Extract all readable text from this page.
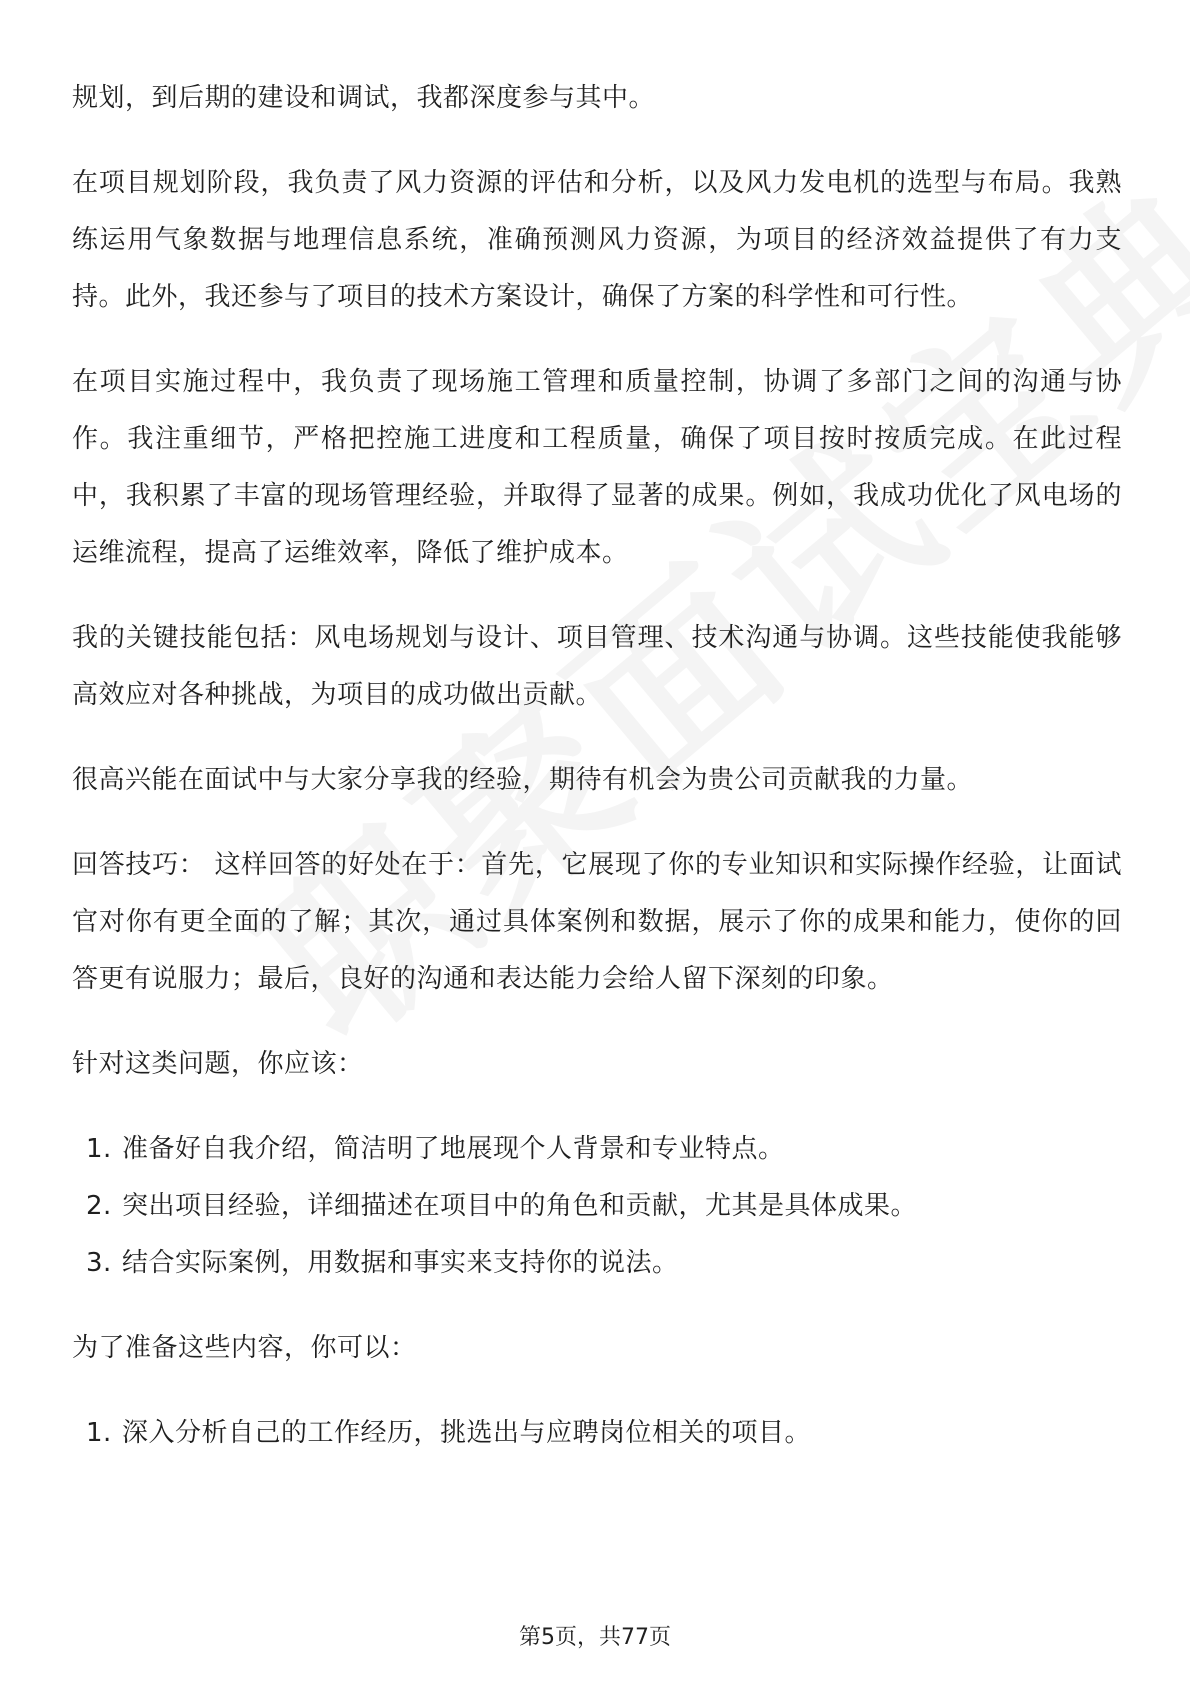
规划，到后期的建设和调试，我都深度参与其中。

在项目规划阶段，我负责了风力资源的评估和分析，以及风力发电机的选型与布局。我熟练运用气象数据与地理信息系统，准确预测风力资源，为项目的经济效益提供了有力支持。此外，我还参与了项目的技术方案设计，确保了方案的科学性和可行性。

在项目实施过程中，我负责了现场施工管理和质量控制，协调了多部门之间的沟通与协作。我注重细节，严格把控施工进度和工程质量，确保了项目按时按质完成。在此过程中，我积累了丰富的现场管理经验，并取得了显著的成果。例如，我成功优化了风电场的运维流程，提高了运维效率，降低了维护成本。

我的关键技能包括：风电场规划与设计、项目管理、技术沟通与协调。这些技能使我能够高效应对各种挑战，为项目的成功做出贡献。

很高兴能在面试中与大家分享我的经验，期待有机会为贵公司贡献我的力量。

回答技巧： 这样回答的好处在于：首先，它展现了你的专业知识和实际操作经验，让面试官对你有更全面的了解；其次，通过具体案例和数据，展示了你的成果和能力，使你的回答更有说服力；最后，良好的沟通和表达能力会给人留下深刻的印象。

针对这类问题，你应该：

1. 准备好自我介绍，简洁明了地展现个人背景和专业特点。
2. 突出项目经验，详细描述在项目中的角色和贡献，尤其是具体成果。
3. 结合实际案例，用数据和事实来支持你的说法。

为了准备这些内容，你可以：

1. 深入分析自己的工作经历，挑选出与应聘岗位相关的项目。
第5页，共77页
